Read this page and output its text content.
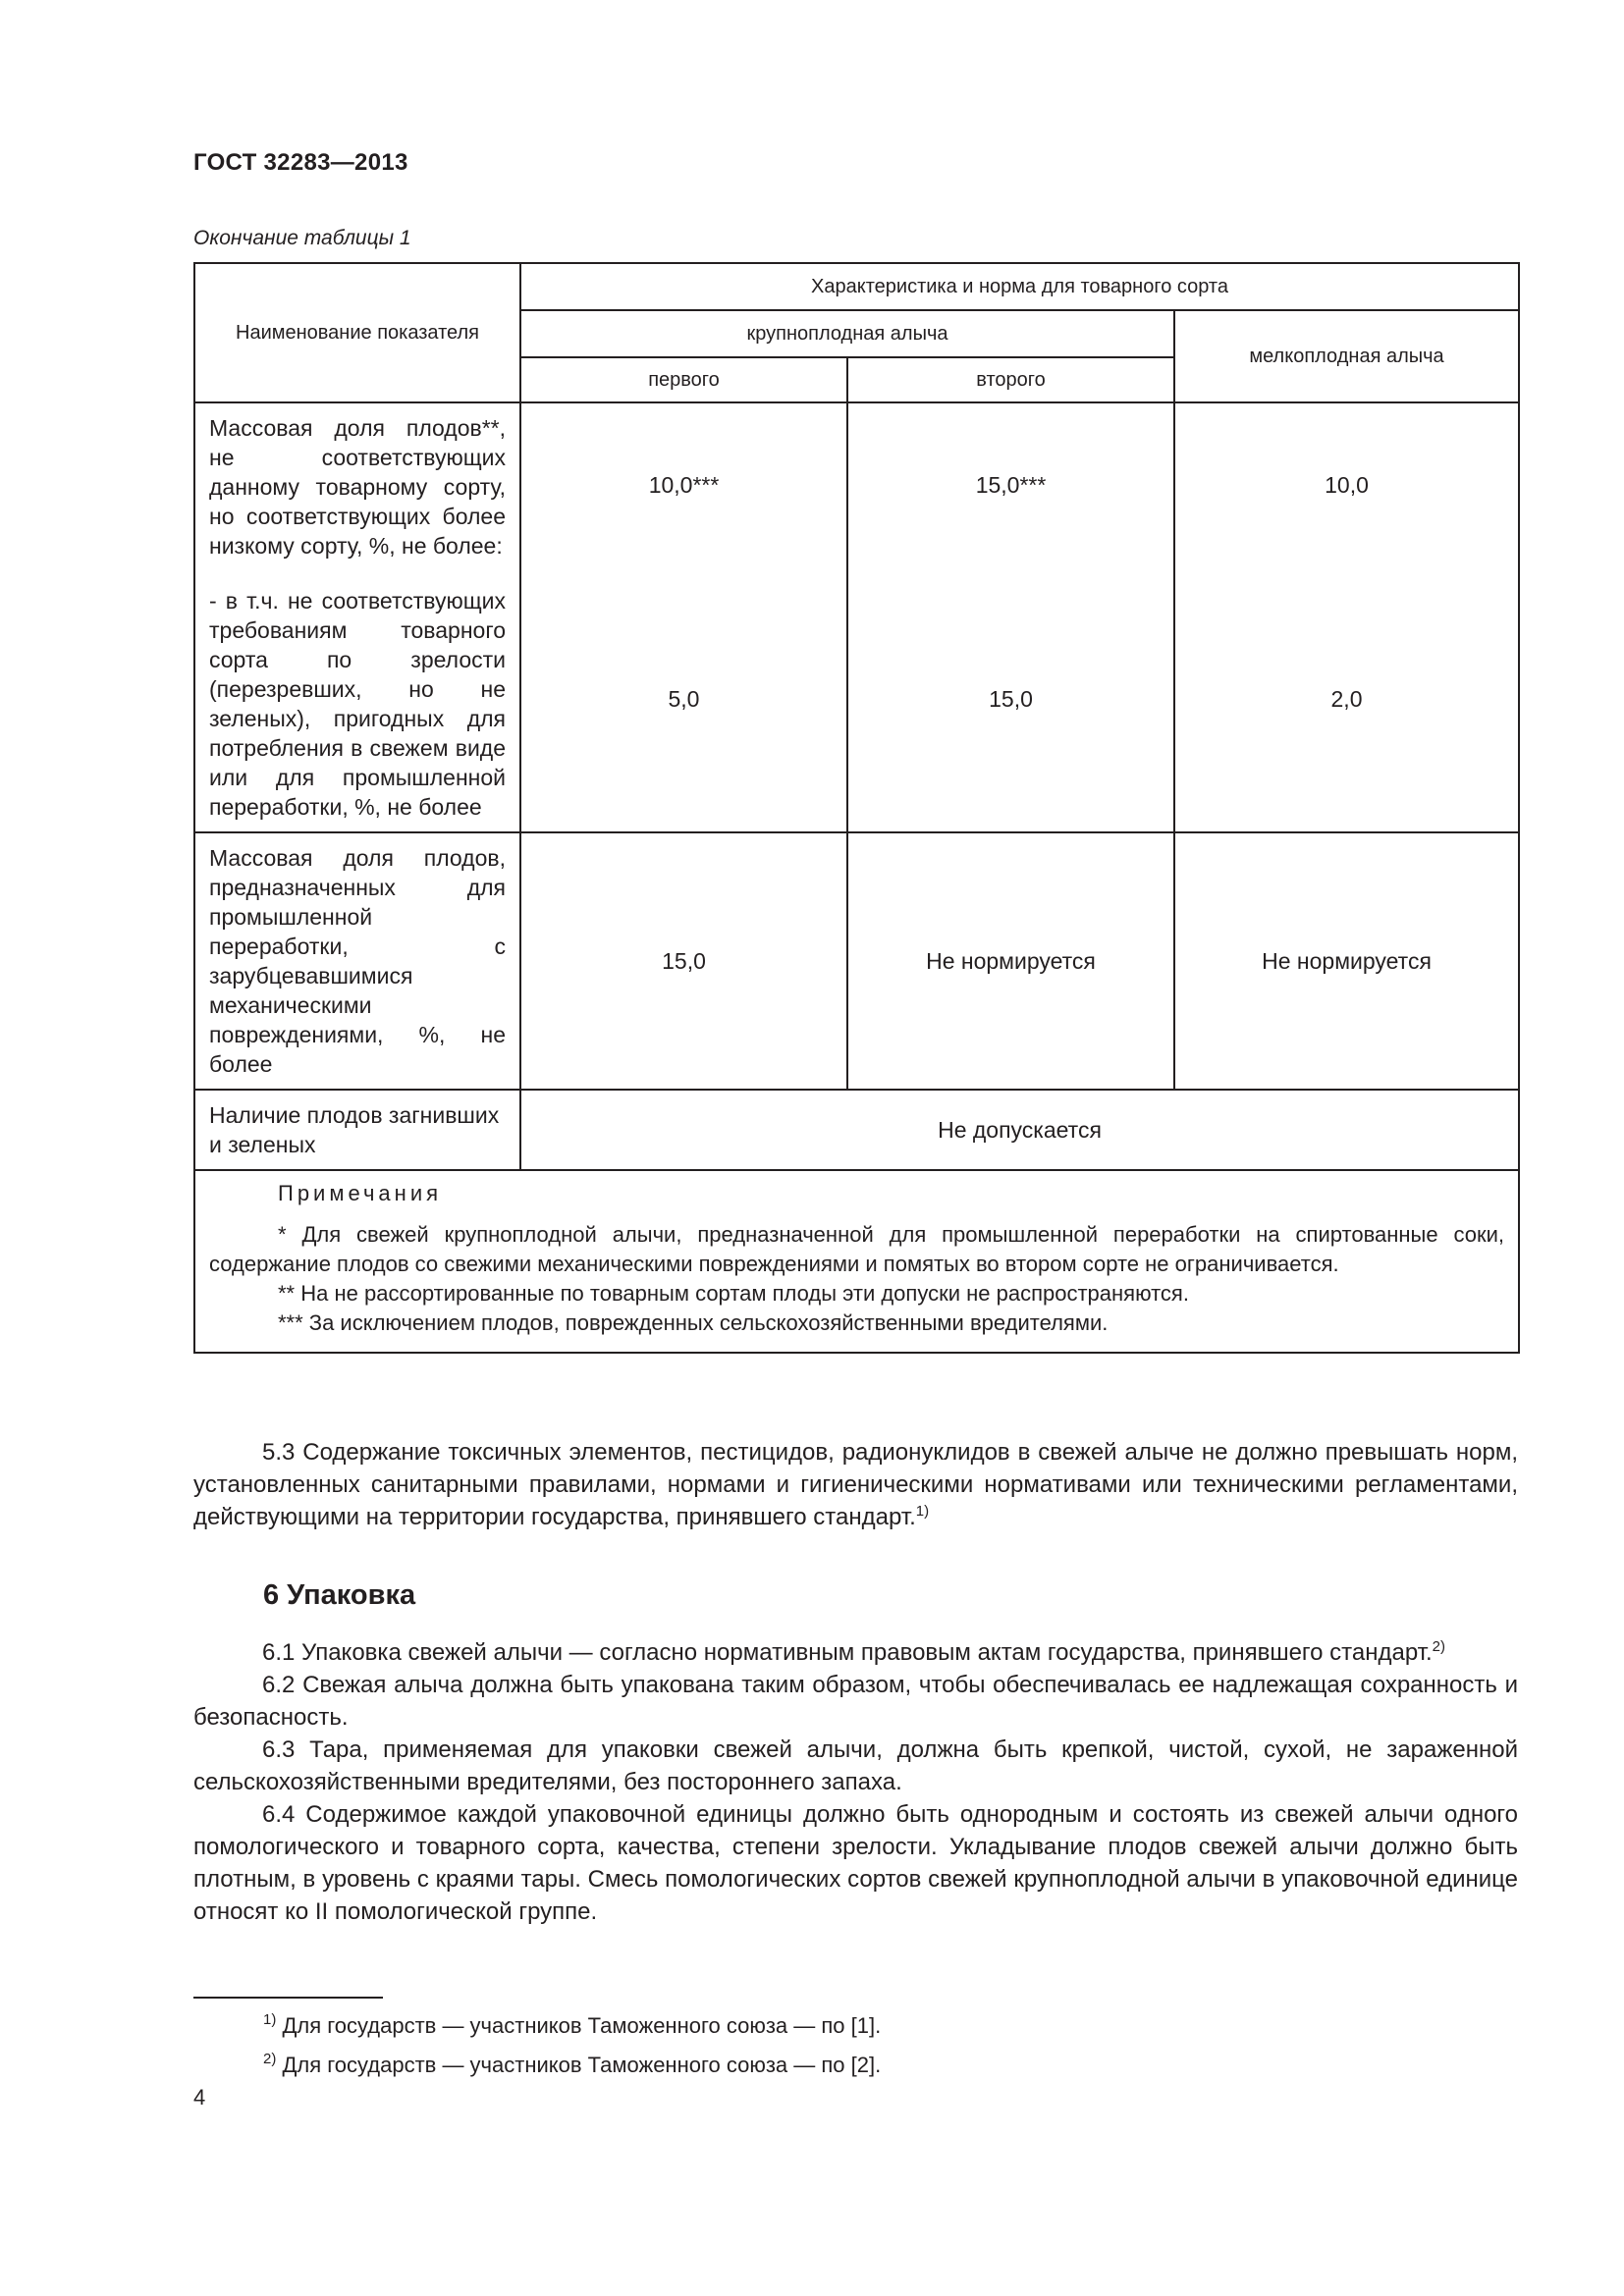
ГОСТ 32283—2013
Окончание таблицы 1
Наименование показателя	Характеристика и норма для товарного сорта		
	крупноплодная алыча		мелкоплодная алыча
	первого	второго	
Массовая доля плодов**, не соответствующих данному товарному сорту, но соответствующих более низкому сорту, %, не более:	10,0***	15,0***	10,0
- в т.ч. не соответствующих требованиям товарного сорта по зрелости (перезревших, но не зеленых), пригодных для потребления в свежем виде или для промышленной переработки, %, не более	5,0	15,0	2,0
Массовая доля плодов, предназначенных для промышленной переработки, с зарубцевавшимися механическими повреждениями, %, не более	15,0	Не нормируется	Не нормируется
Наличие плодов загнивших и зеленых	Не допускается		

Примечания

* Для свежей крупноплодной алычи, предназначенной для промышленной переработки на спиртованные соки, содержание плодов со свежими механическими повреждениями и помятых во втором сорте не ограничивается.

** На не рассортированные по товарным сортам плоды эти допуски не распространяются.

*** За исключением плодов, поврежденных сельскохозяйственными вредителями.			

5.3 Содержание токсичных элементов, пестицидов, радионуклидов в свежей алыче не должно превышать норм, установленных санитарными правилами, нормами и гигиеническими нормативами или техническими регламентами, действующими на территории государства, принявшего стандарт.$^{1)}$

6 Упаковка

6.1 Упаковка свежей алычи — согласно нормативным правовым актам государства, принявшего стандарт.$^{2)}$

6.2 Свежая алыча должна быть упакована таким образом, чтобы обеспечивалась ее надлежащая сохранность и безопасность.

6.3 Тара, применяемая для упаковки свежей алычи, должна быть крепкой, чистой, сухой, не зараженной сельскохозяйственными вредителями, без постороннего запаха.

6.4 Содержимое каждой упаковочной единицы должно быть однородным и состоять из свежей алычи одного помологического и товарного сорта, качества, степени зрелости. Укладывание плодов свежей алычи должно быть плотным, в уровень с краями тары. Смесь помологических сортов свежей крупноплодной алычи в упаковочной единице относят ко II помологической группе.

$^{1)}$ Для государств — участников Таможенного союза — по [1].
$^{2)}$ Для государств — участников Таможенного союза — по [2].
4
